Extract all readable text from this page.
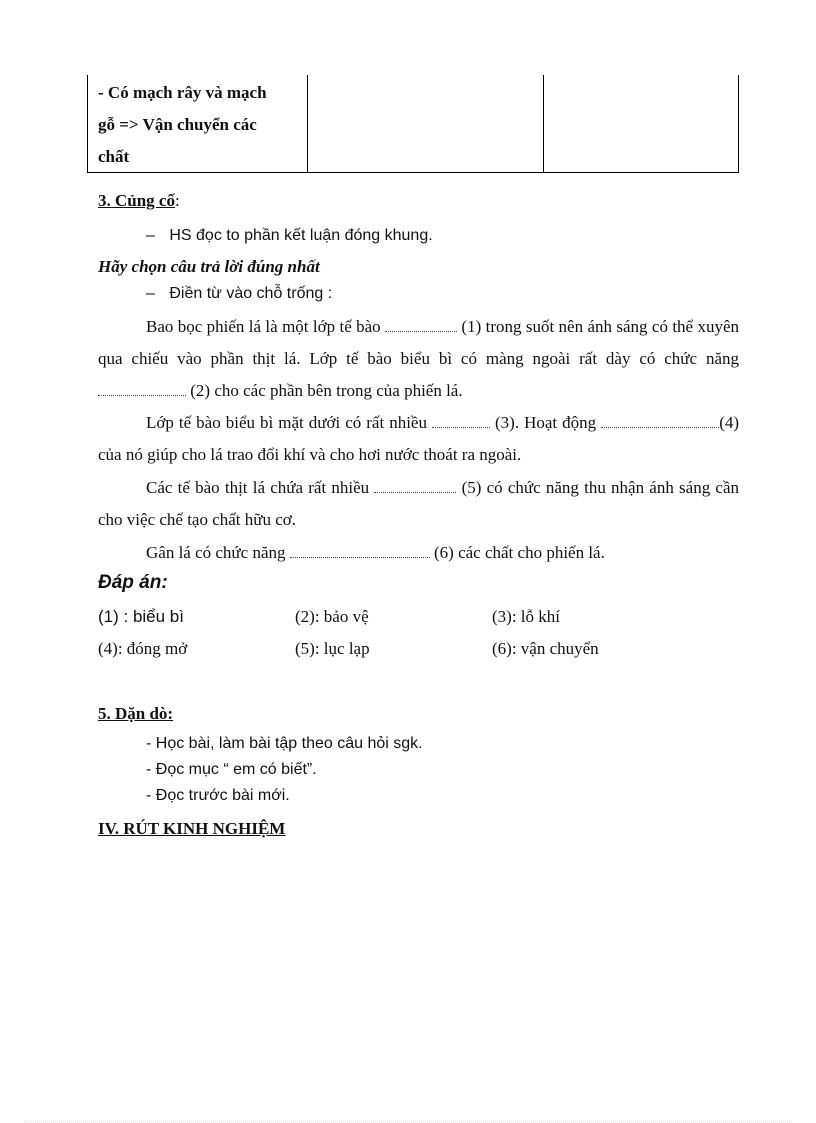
- Có mạch rây và mạch
gỗ => Vận chuyển các
chất
3. Củng cố:
– HS đọc to phần kết luận đóng khung.
Hãy chọn câu trả lời đúng nhất
– Điền từ vào chỗ trống :
Bao bọc phiến lá là một lớp tế bào	(1) trong suốt nên ánh sáng có thể xuyên qua chiếu vào phần thịt lá. Lớp tế bào biểu bì có màng ngoài rất dày có chức năng  (2) cho các phần bên trong của phiến lá.
Lớp tế bào biểu bì mặt dưới có rất nhiều	(3). Hoạt động	(4) của nó giúp cho lá trao đổi khí và cho hơi nước thoát ra ngoài.
Các tế bào thịt lá chứa rất nhiều	(5) có chức năng thu nhận ánh sáng cần cho việc chế tạo chất hữu cơ.
Gân lá có chức năng	(6) các chất cho phiến lá.
Đáp án:
(1) : biểu bì	(2): bảo vệ	(3): lỗ khí
(4): đóng mở	(5): lục lạp	(6): vận chuyển
5. Dặn dò:
- Học bài, làm bài tập theo câu hỏi sgk.
- Đọc mục “ em có biết”.
- Đọc trước bài mới.
IV. RÚT KINH NGHIỆM
